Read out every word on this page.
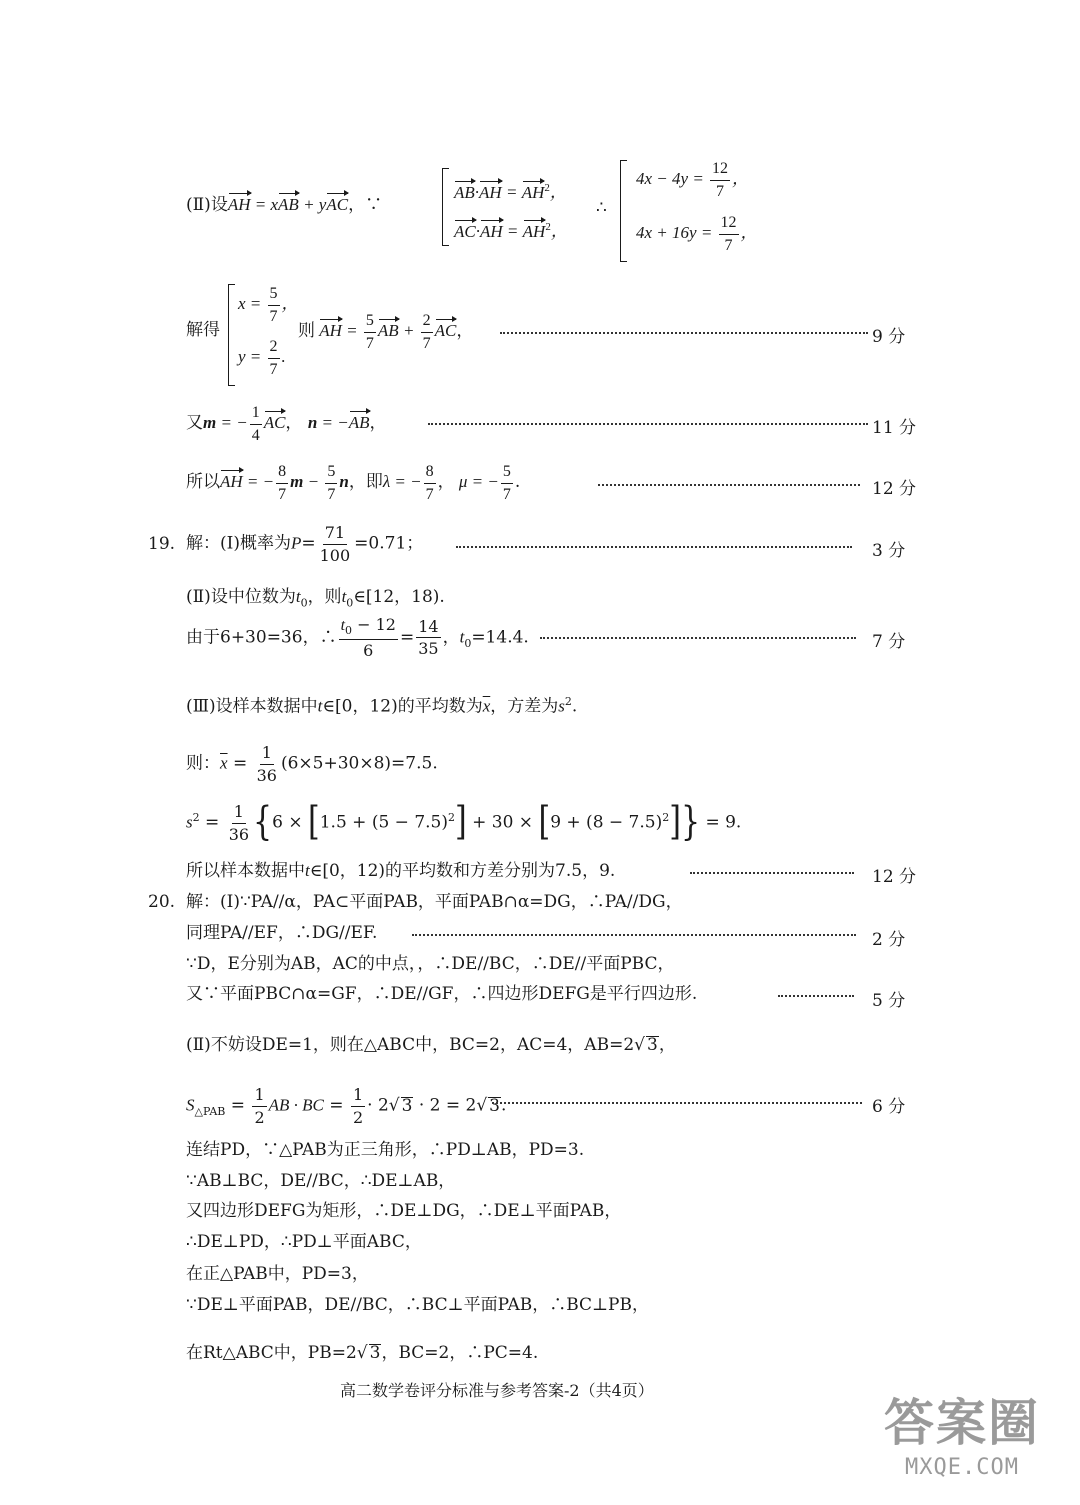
(Ⅱ)设AH = xAB + yAC，∵
$AB\cdot AH = AH^2$，
$AC\cdot AH = AH^2$，
∴
$4x - 4y = \frac{12}{7}$ ，
$4x + 16y = \frac{12}{7}$ ，
解得
$x = \frac{5}{7}$ ，
$y = \frac{2}{7}$ .
则 AH = $\frac{5}{7}$ AB + $\frac{2}{7}$ AC，	9 分
又m = − $\frac{1}{4}$ AC， n = −AB，	11 分
所以AH = − $\frac{8}{7}$ $m - \frac{5}{7}$ n，即λ = − $\frac{8}{7}$ ， μ = − $\frac{5}{7}$ .	12 分
19. 解：(Ⅰ)概率为$P= \frac{71}{100} =0.71$；	3 分
(Ⅱ)设中位数为$t_0$，则$t_0\in[12$，18).
由于6+30=36，∴ $\frac{t_0 - 12}{6} = \frac{14}{35}$ ，$t_0=14.4$.	7 分
(Ⅲ)设样本数据中t∈[0，12)的平均数为$\overline{x}$，方差为$s^2$.
则：$\overline{x} = \frac{1}{36} (6\times 5+30\times 8)=7.5$.
$s^2 = \frac{1}{36} \{6 \times [1.5 + (5 - 7.5)^2] + 30 \times [9 + (8 - 7.5)^2]\} = 9$.
所以样本数据中t∈[0，12)的平均数和方差分别为7.5，9.	12 分
20. 解：(Ⅰ)∵PA//α，PA⊂平面PAB，平面PAB∩α=DG，∴PA//DG，
同理PA//EF，∴DG//EF.	2 分
∵D，E分别为AB，AC的中点，，∴DE//BC，∴DE//平面PBC，
又∵平面PBC∩α=GF，∴DE//GF，∴四边形DEFG是平行四边形.	5 分
(Ⅱ)不妨设DE=1，则在△ABC中，BC=2，AC=4，AB=2√ 3，
$S_{\triangle PAB} = \frac{1}{2}$ AB · BC = $\frac{1}{2} \cdot 2√$ 3 · 2 = 2√ 3.	6 分
连结PD，∵△PAB为正三角形，∴PD⊥AB，PD=3.
∵AB⊥BC，DE//BC，∴DE⊥AB，
又四边形DEFG为矩形，∴DE⊥DG，∴DE⊥平面PAB，
∴DE⊥PD，∴PD⊥平面ABC，
在正△PAB中，PD=3，
∵DE⊥平面PAB，DE//BC，∴BC⊥平面PAB，∴BC⊥PB，
在Rt△ABC中，PB=2√ 3，BC=2，∴PC=4.
高二数学卷评分标准与参考答案-2（共4页）
答案圈
MXQE.COM
